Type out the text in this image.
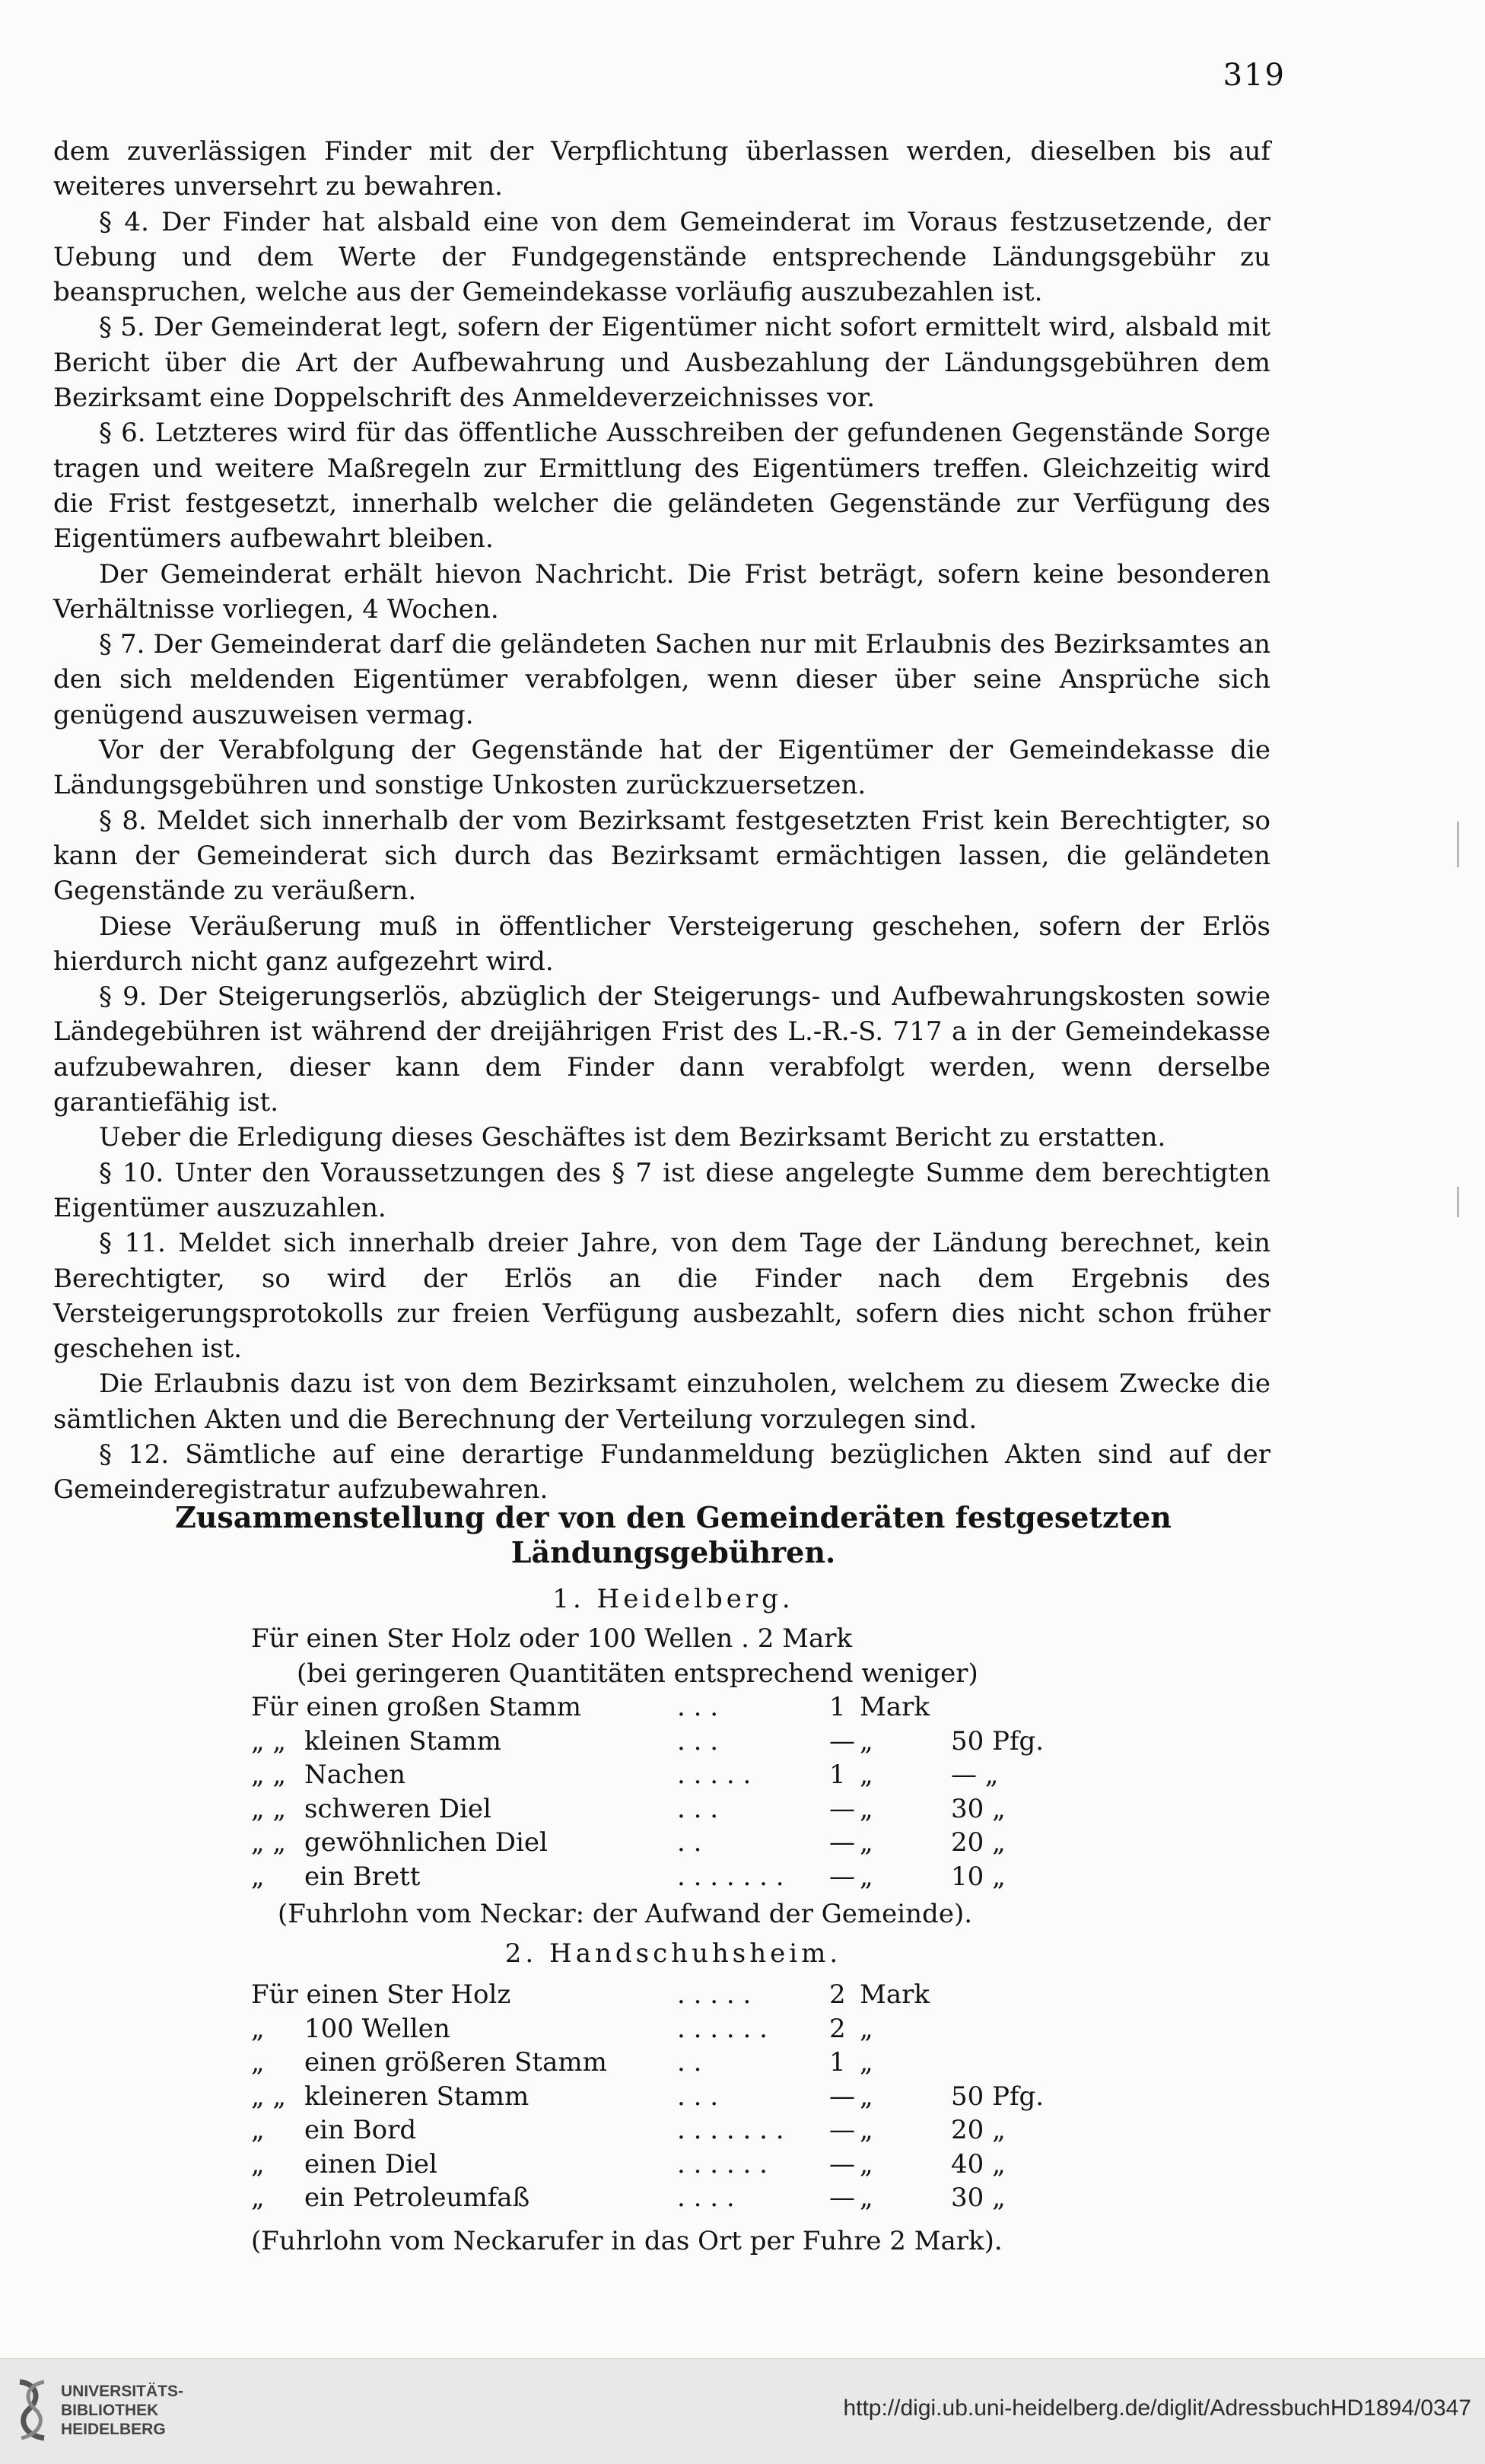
319

dem zuverlässigen Finder mit der Verpflichtung überlassen werden, dieselben bis auf weiteres unversehrt zu bewahren.

§ 4. Der Finder hat alsbald eine von dem Gemeinderat im Voraus festzusetzende, der Uebung und dem Werte der Fundgegenstände entsprechende Ländungsgebühr zu beanspruchen, welche aus der Gemeindekasse vorläufig auszubezahlen ist.

§ 5. Der Gemeinderat legt, sofern der Eigentümer nicht sofort ermittelt wird, alsbald mit Bericht über die Art der Aufbewahrung und Ausbezahlung der Ländungsgebühren dem Bezirksamt eine Doppelschrift des Anmeldeverzeichnisses vor.

§ 6. Letzteres wird für das öffentliche Ausschreiben der gefundenen Gegenstände Sorge tragen und weitere Maßregeln zur Ermittlung des Eigentümers treffen. Gleichzeitig wird die Frist festgesetzt, innerhalb welcher die geländeten Gegenstände zur Verfügung des Eigentümers aufbewahrt bleiben.

Der Gemeinderat erhält hievon Nachricht. Die Frist beträgt, sofern keine besonderen Verhältnisse vorliegen, 4 Wochen.

§ 7. Der Gemeinderat darf die geländeten Sachen nur mit Erlaubnis des Bezirksamtes an den sich meldenden Eigentümer verabfolgen, wenn dieser über seine Ansprüche sich genügend auszuweisen vermag.

Vor der Verabfolgung der Gegenstände hat der Eigentümer der Gemeindekasse die Ländungsgebühren und sonstige Unkosten zurückzuersetzen.

§ 8. Meldet sich innerhalb der vom Bezirksamt festgesetzten Frist kein Berechtigter, so kann der Gemeinderat sich durch das Bezirksamt ermächtigen lassen, die geländeten Gegenstände zu veräußern.

Diese Veräußerung muß in öffentlicher Versteigerung geschehen, sofern der Erlös hierdurch nicht ganz aufgezehrt wird.

§ 9. Der Steigerungserlös, abzüglich der Steigerungs- und Aufbewahrungskosten sowie Ländegebühren ist während der dreijährigen Frist des L.-R.-S. 717 a in der Gemeindekasse aufzubewahren, dieser kann dem Finder dann verabfolgt werden, wenn derselbe garantiefähig ist.

Ueber die Erledigung dieses Geschäftes ist dem Bezirksamt Bericht zu erstatten.

§ 10. Unter den Voraussetzungen des § 7 ist diese angelegte Summe dem berechtigten Eigentümer auszuzahlen.

§ 11. Meldet sich innerhalb dreier Jahre, von dem Tage der Ländung berechnet, kein Berechtigter, so wird der Erlös an die Finder nach dem Ergebnis des Versteigerungsprotokolls zur freien Verfügung ausbezahlt, sofern dies nicht schon früher geschehen ist.

Die Erlaubnis dazu ist von dem Bezirksamt einzuholen, welchem zu diesem Zwecke die sämtlichen Akten und die Berechnung der Verteilung vorzulegen sind.

§ 12. Sämtliche auf eine derartige Fundanmeldung bezüglichen Akten sind auf der Gemeinderegistratur aufzubewahren.

Zusammenstellung der von den Gemeinderäten festgesetzten
Ländungsgebühren.
1. Heidelberg.
Für einen Ster Holz oder 100 Wellen . 2 Mark
(bei geringeren Quantitäten entsprechend weniger)
Für einen großen Stamm	. . .	1 Mark
„ „ kleinen Stamm	. . .	— „	50 Pfg.
„ „ Nachen	. . . . .	1 „	— „
„ „ schweren Diel	. . .	— „	30 „
„ „ gewöhnlichen Diel	. .	— „	20 „
„ ein Brett	. . . . . . . — „	10 „
(Fuhrlohn vom Neckar: der Aufwand der Gemeinde).
2. Handschuhsheim.
Für einen Ster Holz	. . . . .	2 Mark
„ 100 Wellen	. . . . . . 2 „
„ einen größeren Stamm	. .	1 „
„ „ kleineren Stamm	. . .	— „	50 Pfg.
„ ein Bord	. . . . . . . — „	20 „
„ einen Diel	. . . . . . — „	40 „
„ ein Petroleumfaß	. . . .	— „	30 „
(Fuhrlohn vom Neckarufer in das Ort per Fuhre 2 Mark).
UNIVERSITÄTS-
BIBLIOTHEK
HEIDELBERG
http://digi.ub.uni-heidelberg.de/diglit/AdressbuchHD1894/0347
